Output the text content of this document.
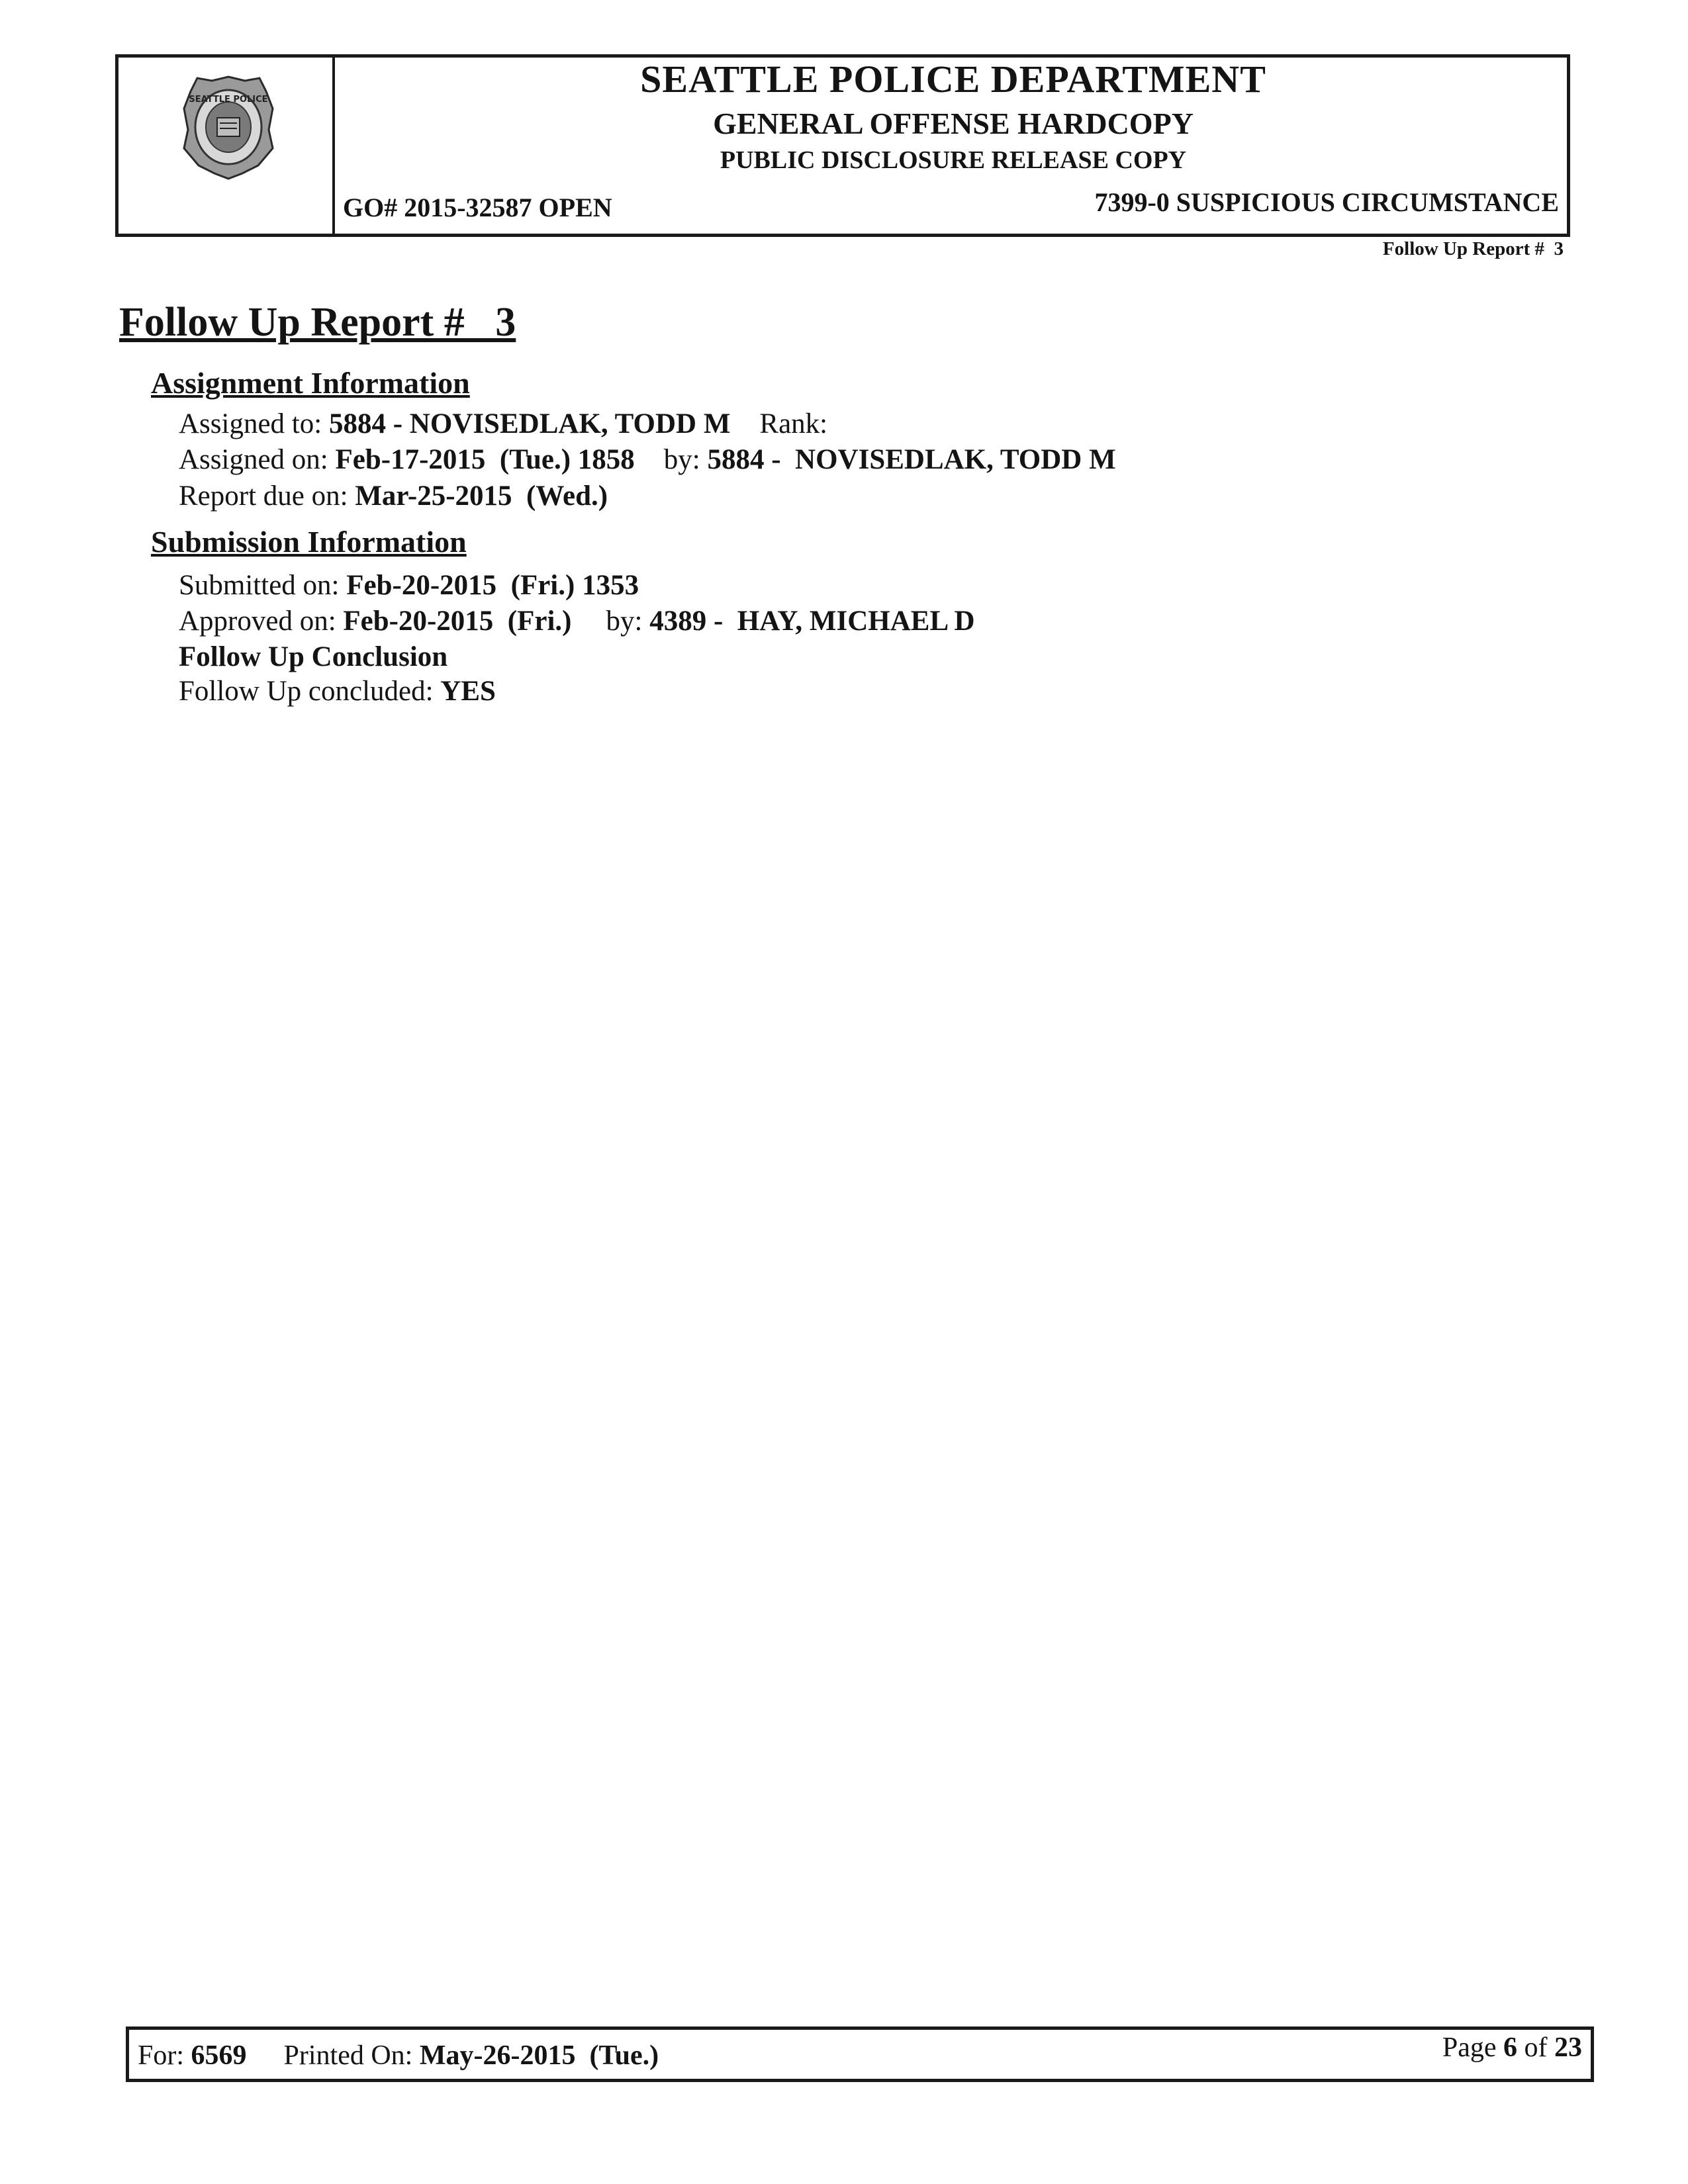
SEATTLE POLICE	SEATTLE POLICE DEPARTMENT
GENERAL OFFENSE HARDCOPY
PUBLIC DISCLOSURE RELEASE COPY
GO# 2015-32587 OPEN	7399-0 SUSPICIOUS CIRCUMSTANCE
Follow Up Report #  3
Follow Up Report #   3
Assignment Information
Assigned to: 5884 - NOVISEDLAK, TODD M Rank:
Assigned on: Feb-17-2015  (Tue.) 1858 by: 5884 -  NOVISEDLAK, TODD M
Report due on: Mar-25-2015  (Wed.)
Submission Information
Submitted on: Feb-20-2015  (Fri.) 1353
Approved on: Feb-20-2015  (Fri.) by: 4389 -  HAY, MICHAEL D
Follow Up Conclusion
Follow Up concluded: YES
For: 6569 Printed On: May-26-2015  (Tue.)	Page 6 of 23
